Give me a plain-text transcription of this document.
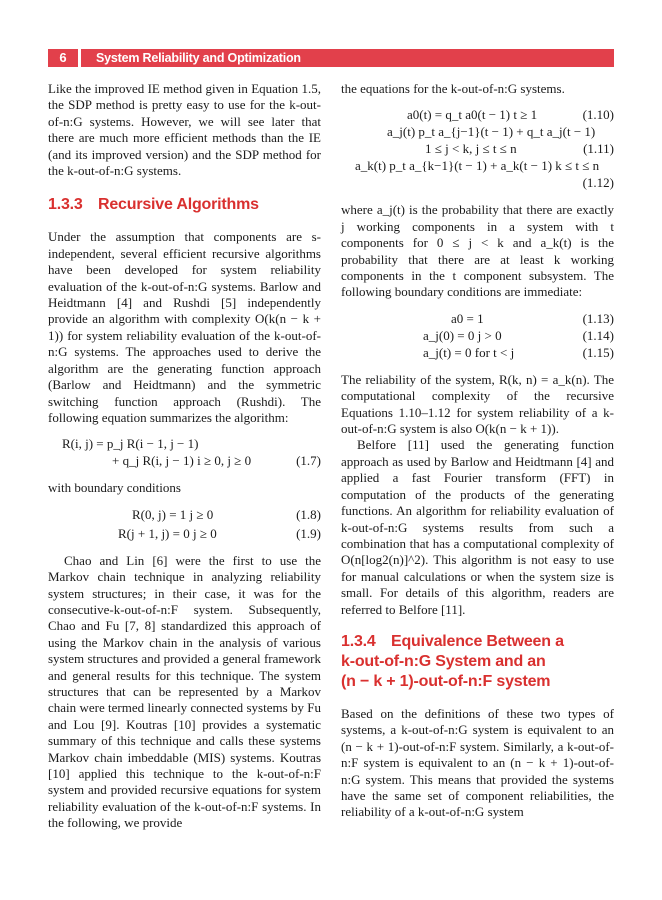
6	System Reliability and Optimization

Like the improved IE method given in Equation 1.5, the SDP method is pretty easy to use for the k-out-of-n:G systems. However, we will see later that there are much more efficient methods than the IE (and its improved version) and the SDP method for the k-out-of-n:G systems.

1.3.3 Recursive Algorithms

Under the assumption that components are s-independent, several efficient recursive algorithms have been developed for system reliability evaluation of the k-out-of-n:G systems. Barlow and Heidtmann [4] and Rushdi [5] independently provide an algorithm with complexity O(k(n − k + 1)) for system reliability evaluation of the k-out-of-n:G systems. The approaches used to derive the algorithm are the generating function approach (Barlow and Heidtmann) and the symmetric switching function approach (Rushdi). The following equation summarizes the algorithm:

R(i, j) = p_j R(i − 1, j − 1)
+ q_j R(i, j − 1) i ≥ 0, j ≥ 0	(1.7)

with boundary conditions

R(0, j) = 1 j ≥ 0	(1.8)
R(j + 1, j) = 0 j ≥ 0	(1.9)

Chao and Lin [6] were the first to use the Markov chain technique in analyzing reliability system structures; in their case, it was for the consecutive-k-out-of-n:F system. Subsequently, Chao and Fu [7, 8] standardized this approach of using the Markov chain in the analysis of various system structures and provided a general framework and general results for this technique. The system structures that can be represented by a Markov chain were termed linearly connected systems by Fu and Lou [9]. Koutras [10] provides a systematic summary of this technique and calls these systems Markov chain imbeddable (MIS) systems. Koutras [10] applied this technique to the k-out-of-n:F system and provided recursive equations for system reliability evaluation of the k-out-of-n:F systems. In the following, we provide

the equations for the k-out-of-n:G systems.

a0(t) = q_t a0(t − 1) t ≥ 1	(1.10)
a_j(t) p_t a_{j−1}(t − 1) + q_t a_j(t − 1)
1 ≤ j < k, j ≤ t ≤ n	(1.11)
a_k(t) p_t a_{k−1}(t − 1) + a_k(t − 1) k ≤ t ≤ n
(1.12)

where a_j(t) is the probability that there are exactly j working components in a system with t components for 0 ≤ j < k and a_k(t) is the probability that there are at least k working components in the t component subsystem. The following boundary conditions are immediate:

a0 = 1	(1.13)
a_j(0) = 0 j > 0	(1.14)
a_j(t) = 0 for t < j	(1.15)

The reliability of the system, R(k, n) = a_k(n). The computational complexity of the recursive Equations 1.10–1.12 for system reliability of a k-out-of-n:G system is also O(k(n − k + 1)).

Belfore [11] used the generating function approach as used by Barlow and Heidtmann [4] and applied a fast Fourier transform (FFT) in computation of the products of the generating functions. An algorithm for reliability evaluation of k-out-of-n:G systems results from such a combination that has a computational complexity of O(n[log2(n)]^2). This algorithm is not easy to use for manual calculations or when the system size is small. For details of this algorithm, readers are referred to Belfore [11].

1.3.4 Equivalence Between a
k-out-of-n:G System and an
(n − k + 1)-out-of-n:F system

Based on the definitions of these two types of systems, a k-out-of-n:G system is equivalent to an (n − k + 1)-out-of-n:F system. Similarly, a k-out-of-n:F system is equivalent to an (n − k + 1)-out-of-n:G system. This means that provided the systems have the same set of component reliabilities, the reliability of a k-out-of-n:G system
